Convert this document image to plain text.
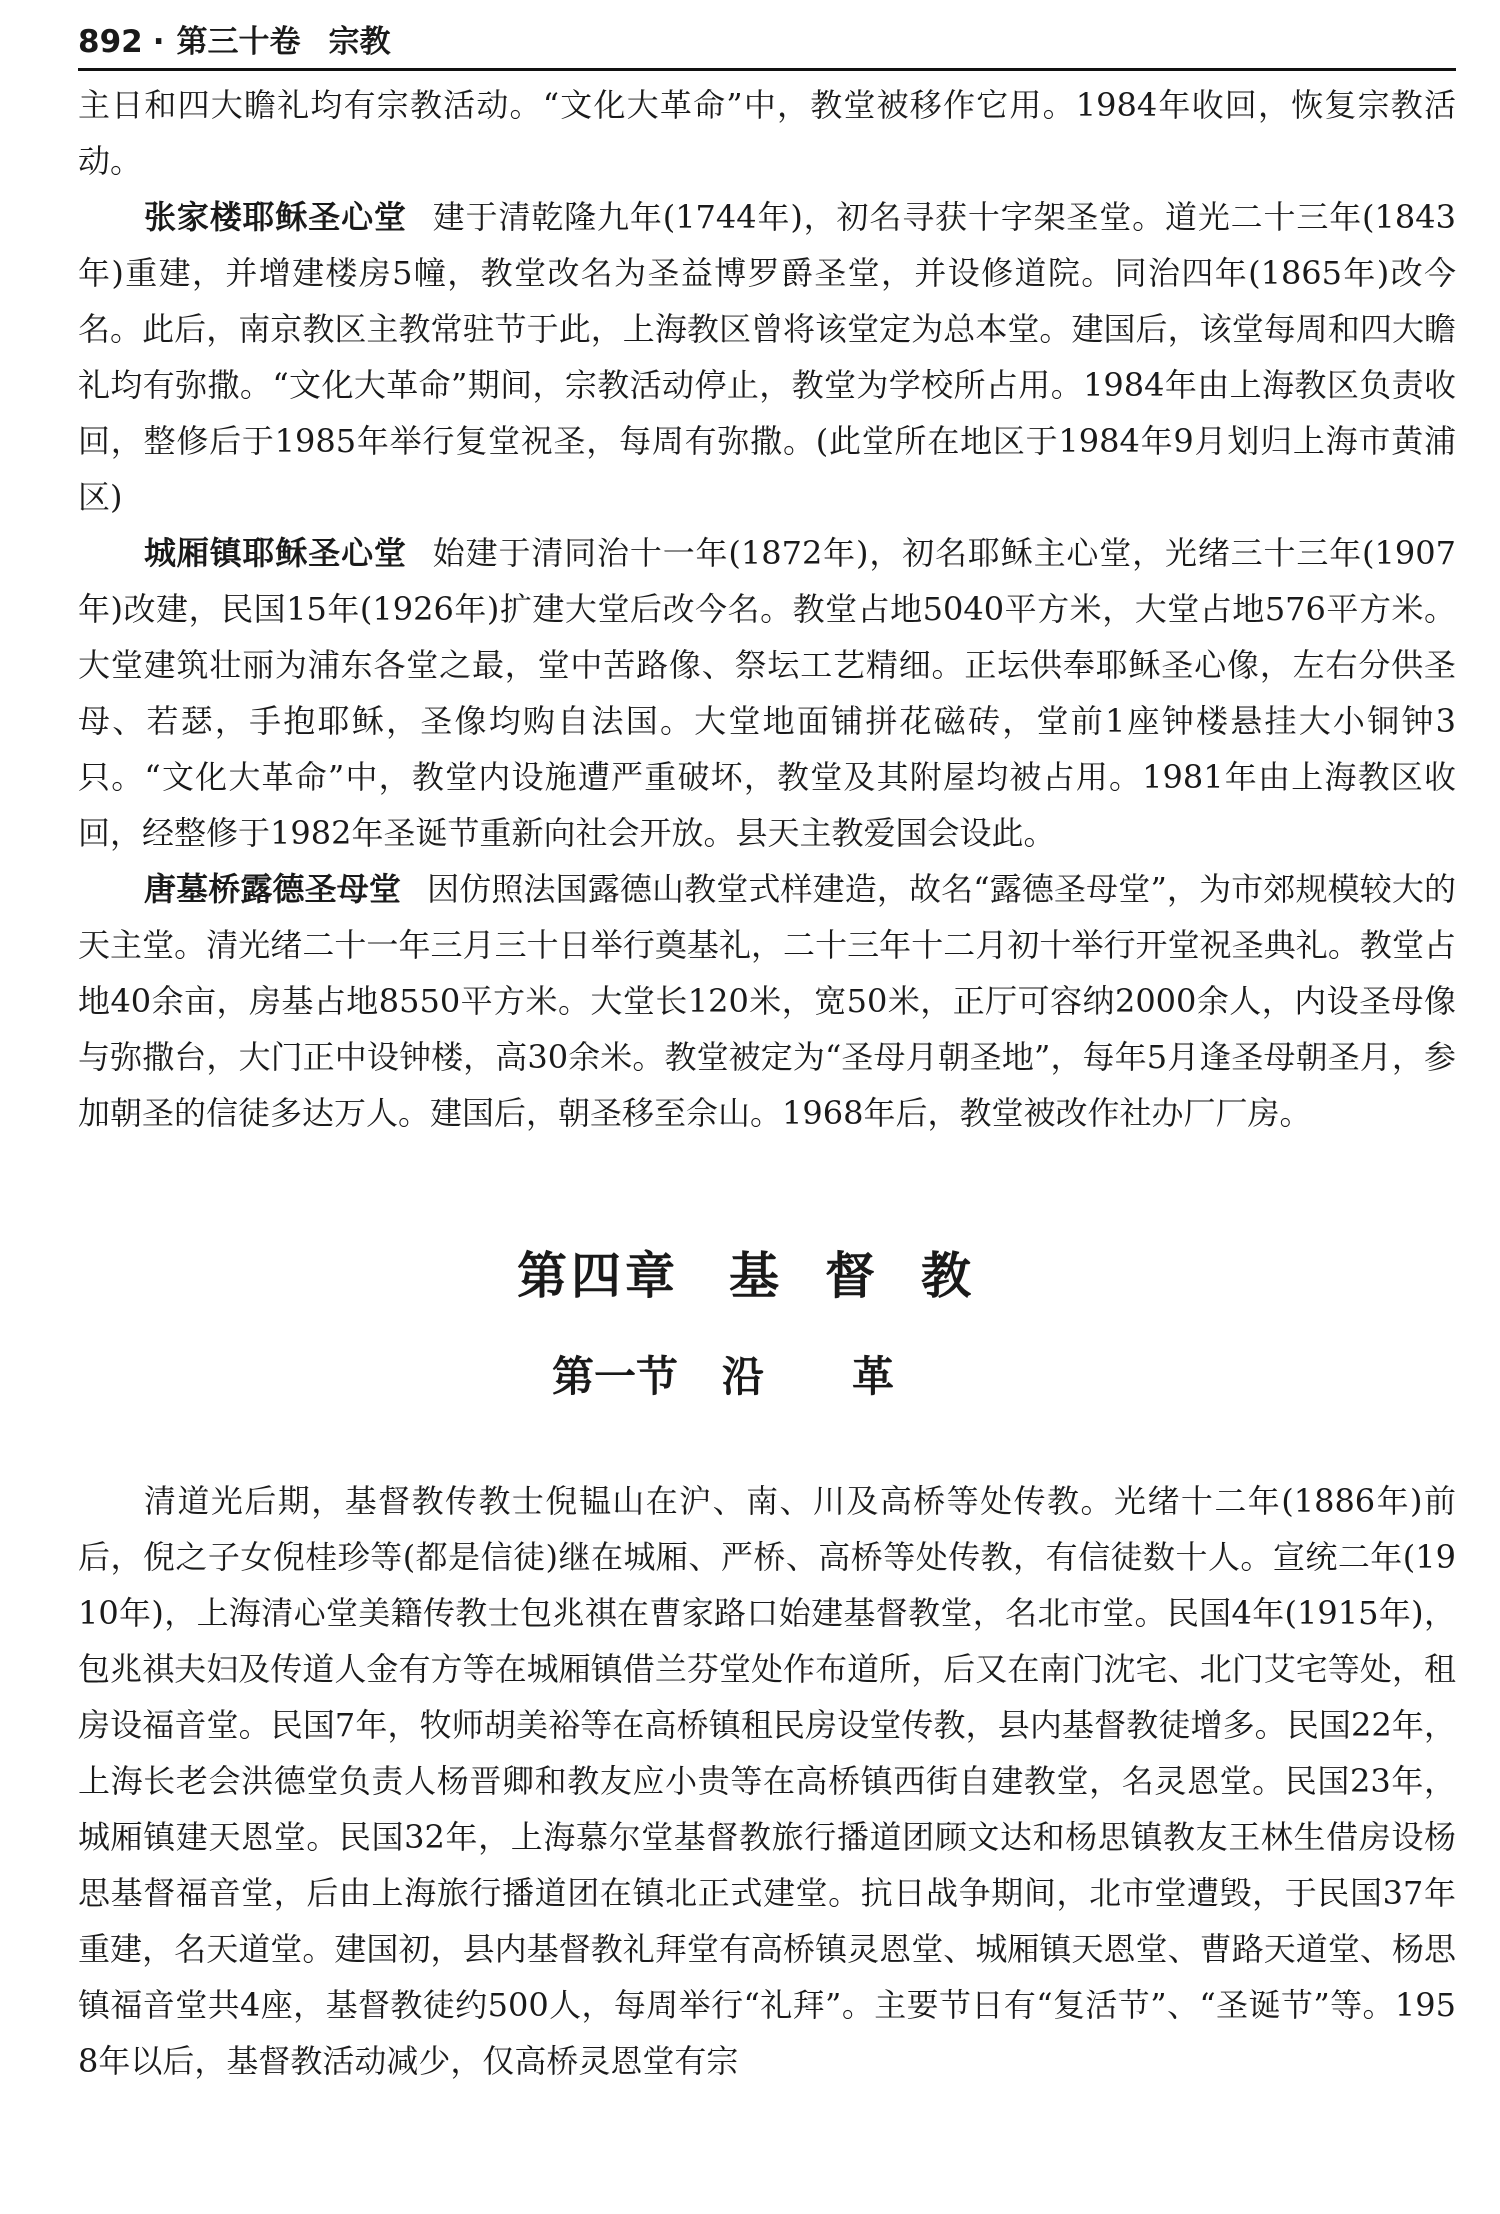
892 · 第三十卷 宗教

主日和四大瞻礼均有宗教活动。“文化大革命”中，教堂被移作它用。1984年收回，恢复宗教活动。

张家楼耶稣圣心堂 建于清乾隆九年(1744年)，初名寻获十字架圣堂。道光二十三年(1843年)重建，并增建楼房5幢，教堂改名为圣益博罗爵圣堂，并设修道院。同治四年(1865年)改今名。此后，南京教区主教常驻节于此，上海教区曾将该堂定为总本堂。建国后，该堂每周和四大瞻礼均有弥撒。“文化大革命”期间，宗教活动停止，教堂为学校所占用。1984年由上海教区负责收回，整修后于1985年举行复堂祝圣，每周有弥撒。(此堂所在地区于1984年9月划归上海市黄浦区)

城厢镇耶稣圣心堂 始建于清同治十一年(1872年)，初名耶稣主心堂，光绪三十三年(1907年)改建，民国15年(1926年)扩建大堂后改今名。教堂占地5040平方米，大堂占地576平方米。大堂建筑壮丽为浦东各堂之最，堂中苦路像、祭坛工艺精细。正坛供奉耶稣圣心像，左右分供圣母、若瑟，手抱耶稣，圣像均购自法国。大堂地面铺拼花磁砖，堂前1座钟楼悬挂大小铜钟3只。“文化大革命”中，教堂内设施遭严重破坏，教堂及其附屋均被占用。1981年由上海教区收回，经整修于1982年圣诞节重新向社会开放。县天主教爱国会设此。

唐墓桥露德圣母堂 因仿照法国露德山教堂式样建造，故名“露德圣母堂”，为市郊规模较大的天主堂。清光绪二十一年三月三十日举行奠基礼，二十三年十二月初十举行开堂祝圣典礼。教堂占地40余亩，房基占地8550平方米。大堂长120米，宽50米，正厅可容纳2000余人，内设圣母像与弥撒台，大门正中设钟楼，高30余米。教堂被定为“圣母月朝圣地”，每年5月逢圣母朝圣月，参加朝圣的信徒多达万人。建国后，朝圣移至佘山。1968年后，教堂被改作社办厂厂房。

第四章 基督教
第一节 沿革

清道光后期，基督教传教士倪韫山在沪、南、川及高桥等处传教。光绪十二年(1886年)前后，倪之子女倪桂珍等(都是信徒)继在城厢、严桥、高桥等处传教，有信徒数十人。宣统二年(1910年)，上海清心堂美籍传教士包兆祺在曹家路口始建基督教堂，名北市堂。民国4年(1915年)，包兆祺夫妇及传道人金有方等在城厢镇借兰芬堂处作布道所，后又在南门沈宅、北门艾宅等处，租房设福音堂。民国7年，牧师胡美裕等在高桥镇租民房设堂传教，县内基督教徒增多。民国22年，上海长老会洪德堂负责人杨晋卿和教友应小贵等在高桥镇西街自建教堂，名灵恩堂。民国23年，城厢镇建天恩堂。民国32年，上海慕尔堂基督教旅行播道团顾文达和杨思镇教友王林生借房设杨思基督福音堂，后由上海旅行播道团在镇北正式建堂。抗日战争期间，北市堂遭毁，于民国37年重建，名天道堂。建国初，县内基督教礼拜堂有高桥镇灵恩堂、城厢镇天恩堂、曹路天道堂、杨思镇福音堂共4座，基督教徒约500人，每周举行“礼拜”。主要节日有“复活节”、“圣诞节”等。1958年以后，基督教活动减少，仅高桥灵恩堂有宗
